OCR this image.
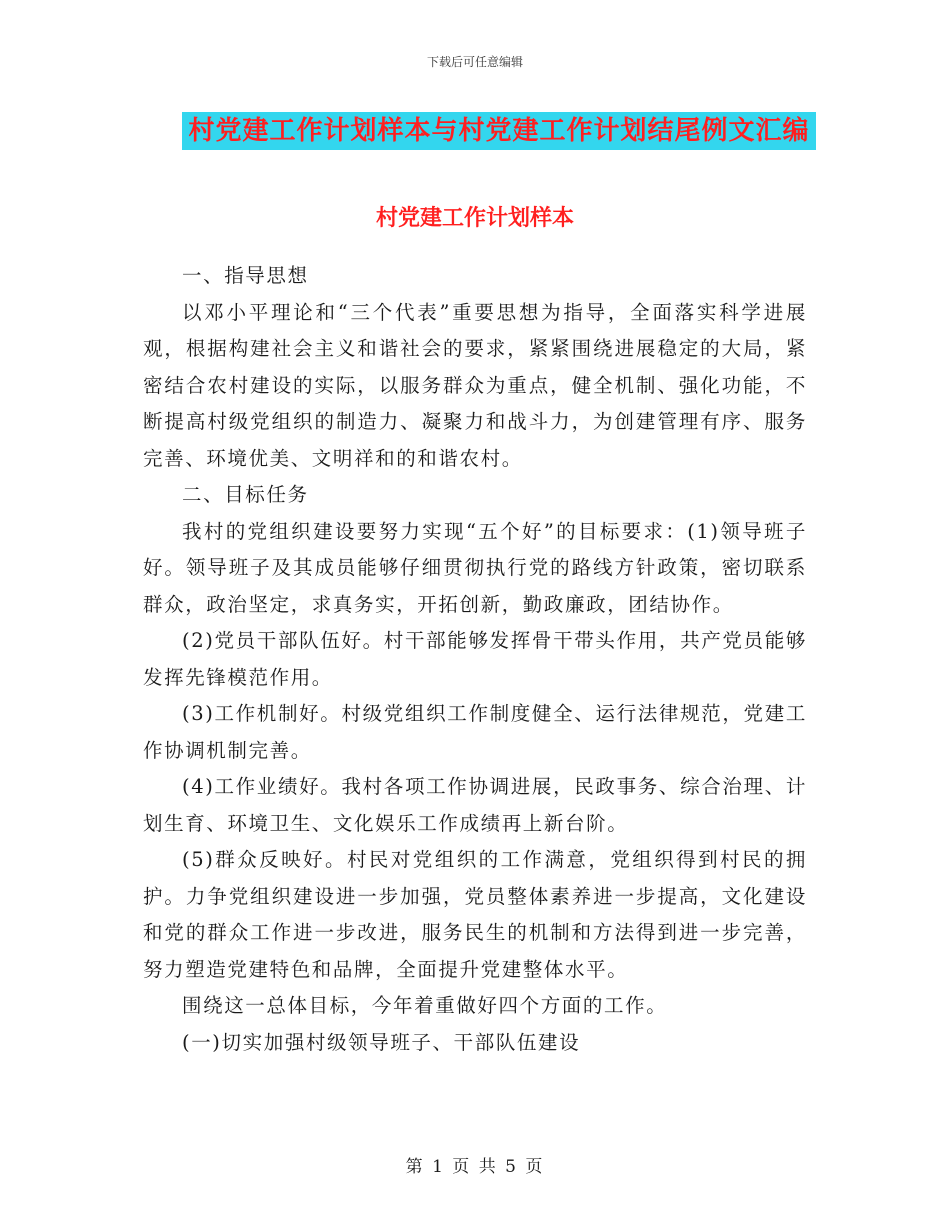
下载后可任意编辑
村党建工作计划样本与村党建工作计划结尾例文汇编
村党建工作计划样本

一、指导思想

以邓小平理论和“三个代表”重要思想为指导，全面落实科学进展观，根据构建社会主义和谐社会的要求，紧紧围绕进展稳定的大局，紧密结合农村建设的实际，以服务群众为重点，健全机制、强化功能，不断提高村级党组织的制造力、凝聚力和战斗力，为创建管理有序、服务完善、环境优美、文明祥和的和谐农村。

二、目标任务

我村的党组织建设要努力实现“五个好”的目标要求：(1)领导班子好。领导班子及其成员能够仔细贯彻执行党的路线方针政策，密切联系群众，政治坚定，求真务实，开拓创新，勤政廉政，团结协作。

(2)党员干部队伍好。村干部能够发挥骨干带头作用，共产党员能够发挥先锋模范作用。

(3)工作机制好。村级党组织工作制度健全、运行法律规范，党建工作协调机制完善。

(4)工作业绩好。我村各项工作协调进展，民政事务、综合治理、计划生育、环境卫生、文化娱乐工作成绩再上新台阶。

(5)群众反映好。村民对党组织的工作满意，党组织得到村民的拥护。力争党组织建设进一步加强，党员整体素养进一步提高，文化建设和党的群众工作进一步改进，服务民生的机制和方法得到进一步完善，努力塑造党建特色和品牌，全面提升党建整体水平。

围绕这一总体目标，今年着重做好四个方面的工作。

(一)切实加强村级领导班子、干部队伍建设

第 1 页 共 5 页
